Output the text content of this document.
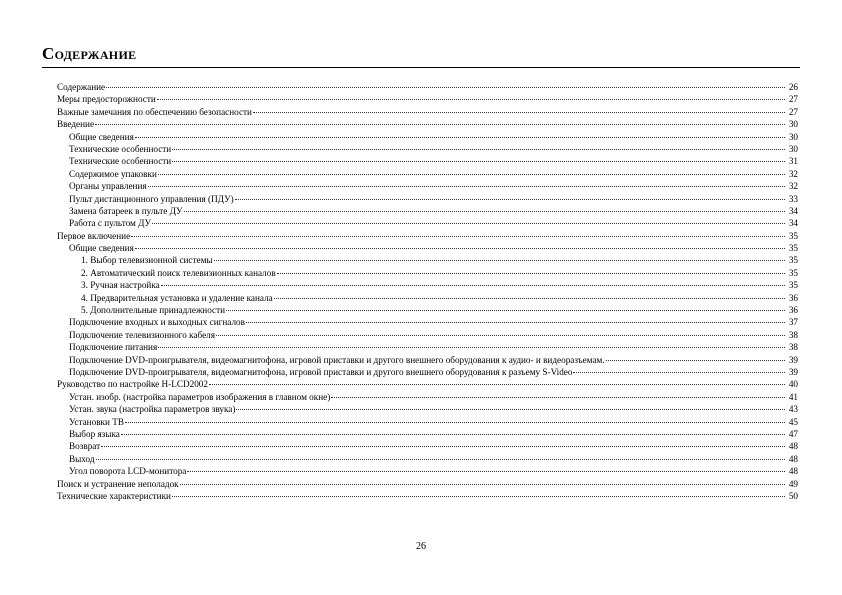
Содержание
Содержание	26
Меры предосторожности	27
Важные замечания по обеспечению безопасности	27
Введение	30
Общие сведения	30
Технические особенности	30
Технические особенности	31
Содержимое упаковки	32
Органы управления	32
Пульт дистанционного управления (ПДУ)	33
Замена батареек в пульте ДУ	34
Работа с пультом ДУ	34
Первое включение	35
Общие сведения	35
1. Выбор телевизионной системы	35
2. Автоматический поиск телевизионных каналов	35
3. Ручная настройка	35
4. Предварительная установка и удаление канала	36
5. Дополнительные принадлежности	36
Подключение входных и выходных сигналов	37
Подключение телевизионного кабеля	38
Подключение питания	38
Подключение DVD-проигрывателя, видеомагнитофона, игровой приставки и другого внешнего оборудования к аудио- и видеоразъемам.	39
Подключение DVD-проигрывателя, видеомагнитофона, игровой приставки и другого внешнего оборудования к разъему S-Video	39
Руководство по настройке H-LCD2002	40
Устан. изобр. (настройка параметров изображения в главном окне)	41
Устан. звука (настройка параметров звука)	43
Установки ТВ	45
Выбор языка	47
Возврат	48
Выход	48
Угол поворота LCD-монитора	48
Поиск и устранение неполадок	49
Технические характеристики	50
26
